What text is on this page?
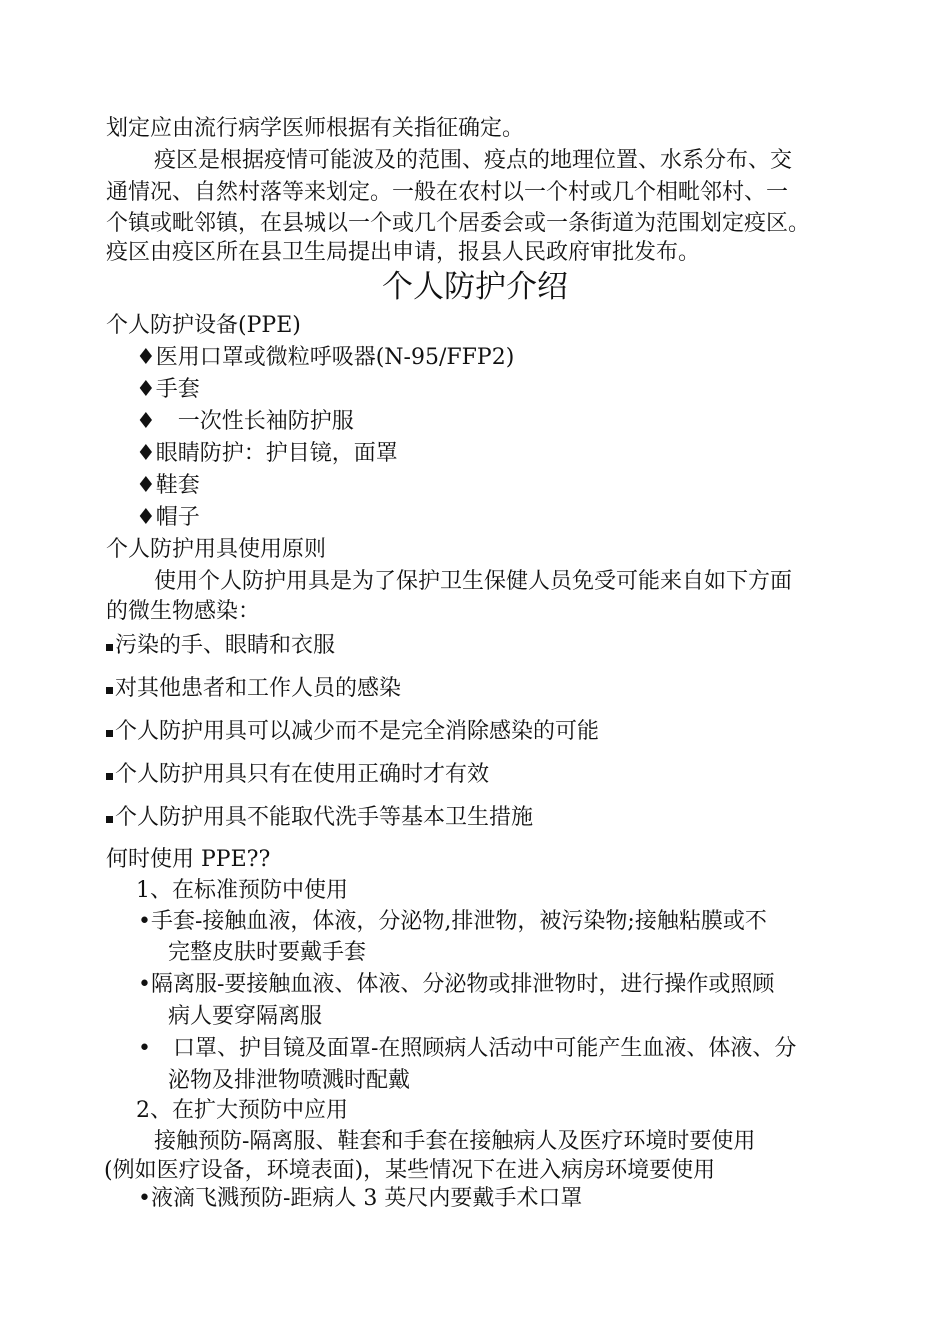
划定应由流行病学医师根据有关指征确定。
疫区是根据疫情可能波及的范围、疫点的地理位置、水系分布、交
通情况、自然村落等来划定。一般在农村以一个村或几个相毗邻村、一
个镇或毗邻镇，在县城以一个或几个居委会或一条街道为范围划定疫区。
疫区由疫区所在县卫生局提出申请，报县人民政府审批发布。
个人防护介绍
个人防护设备(PPE)
♦医用口罩或微粒呼吸器(N-95/FFP2)
♦手套
♦　一次性长袖防护服
♦眼睛防护：护目镜，面罩
♦鞋套
♦帽子
个人防护用具使用原则
使用个人防护用具是为了保护卫生保健人员免受可能来自如下方面
的微生物感染：
污染的手、眼睛和衣服
对其他患者和工作人员的感染
个人防护用具可以减少而不是完全消除感染的可能
个人防护用具只有在使用正确时才有效
个人防护用具不能取代洗手等基本卫生措施
何时使用 PPE??
1、在标准预防中使用
•手套-接触血液，体液，分泌物,排泄物，被污染物;接触粘膜或不
完整皮肤时要戴手套
•隔离服-要接触血液、体液、分泌物或排泄物时，进行操作或照顾
病人要穿隔离服
•　口罩、护目镜及面罩-在照顾病人活动中可能产生血液、体液、分
泌物及排泄物喷溅时配戴
2、在扩大预防中应用
接触预防-隔离服、鞋套和手套在接触病人及医疗环境时要使用
(例如医疗设备，环境表面)，某些情况下在进入病房环境要使用
•液滴飞溅预防-距病人 3 英尺内要戴手术口罩
